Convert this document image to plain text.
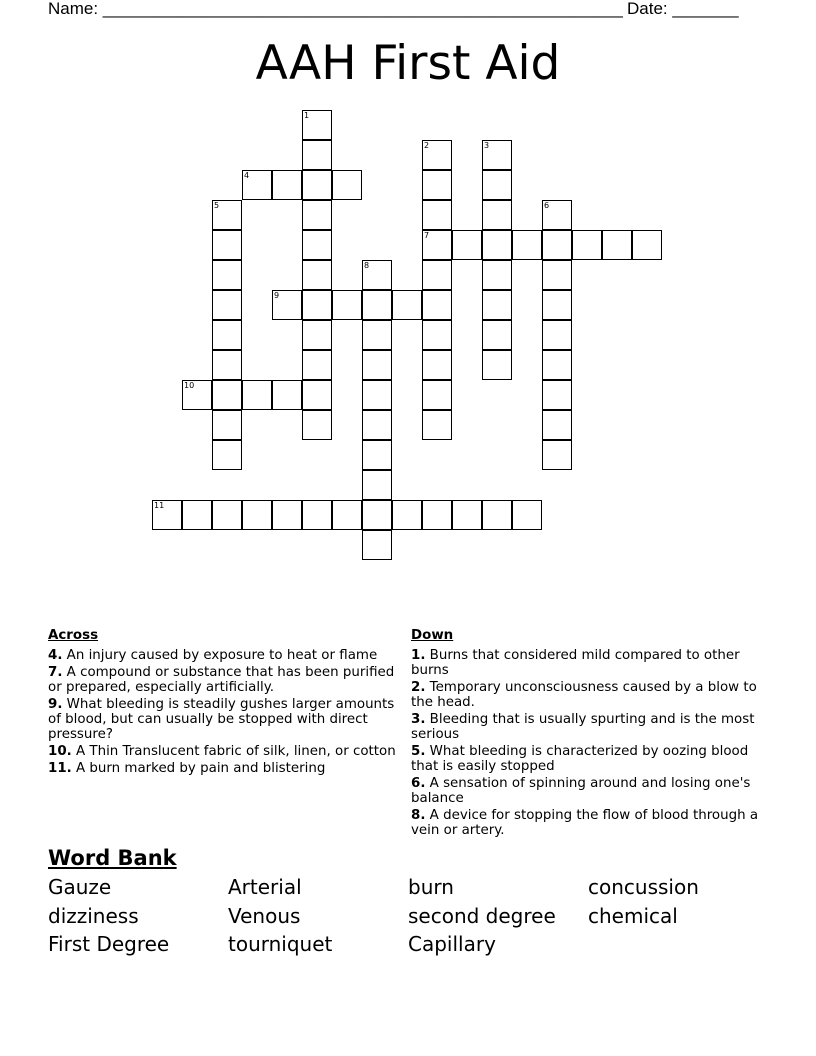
Name: _______________________________________________________ Date: _______
AAH First Aid
1
2
7
3
4
5	6
8
9
10
11
Across
4. An injury caused by exposure to heat or flame
7. A compound or substance that has been purified or prepared, especially artificially.
9. What bleeding is steadily gushes larger amounts of blood, but can usually be stopped with direct pressure?
10. A Thin Translucent fabric of silk, linen, or cotton
11. A burn marked by pain and blistering
Down
1. Burns that considered mild compared to other burns
2. Temporary unconsciousness caused by a blow to the head.
3. Bleeding that is usually spurting and is the most serious
5. What bleeding is characterized by oozing blood that is easily stopped
6. A sensation of spinning around and losing one's balance
8. A device for stopping the flow of blood through a vein or artery.
Word Bank
Gauze	Arterial	burn	concussion
dizziness	Venous	second degree	chemical
First Degree	tourniquet	Capillary
